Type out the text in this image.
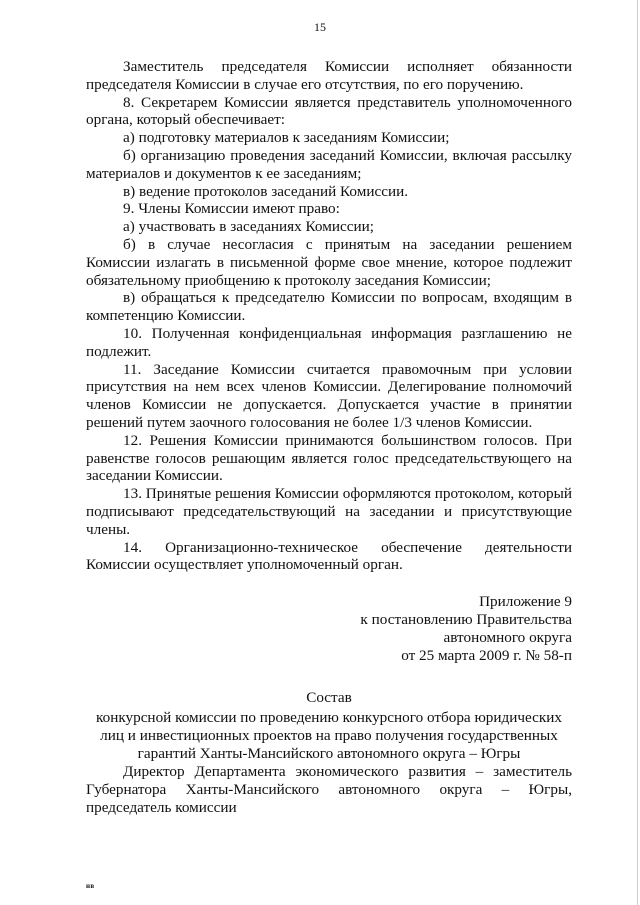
15

Заместитель председателя Комиссии исполняет обязанности председателя Комиссии в случае его отсутствия, по его поручению.

8. Секретарем Комиссии является представитель уполномоченного органа, который обеспечивает:

а) подготовку материалов к заседаниям Комиссии;

б) организацию проведения заседаний Комиссии, включая рассылку материалов и документов к ее заседаниям;

в) ведение протоколов заседаний Комиссии.

9. Члены Комиссии имеют право:

а) участвовать в заседаниях Комиссии;

б) в случае несогласия с принятым на заседании решением Комиссии излагать в письменной форме свое мнение, которое подлежит обязательному приобщению к протоколу заседания Комиссии;

в) обращаться к председателю Комиссии по вопросам, входящим в компетенцию Комиссии.

10. Полученная конфиденциальная информация разглашению не подлежит.

11. Заседание Комиссии считается правомочным при условии присутствия на нем всех членов Комиссии. Делегирование полномочий членов Комиссии не допускается. Допускается участие в принятии решений путем заочного голосования не более 1/3 членов Комиссии.

12. Решения Комиссии принимаются большинством голосов. При равенстве голосов решающим является голос председательствующего на заседании Комиссии.

13. Принятые решения Комиссии оформляются протоколом, который подписывают председательствующий на заседании и присутствующие члены.

14. Организационно-техническое обеспечение деятельности Комиссии осуществляет уполномоченный орган.

Приложение 9
к постановлению Правительства
автономного округа
от 25 марта 2009 г. № 58-п
Состав
конкурсной комиссии по проведению конкурсного отбора юридических лиц и инвестиционных проектов на право получения государственных гарантий Ханты-Мансийского автономного округа – Югры

Директор Департамента экономического развития – заместитель Губернатора Ханты-Мансийского автономного округа – Югры, председатель комиссии

нв
